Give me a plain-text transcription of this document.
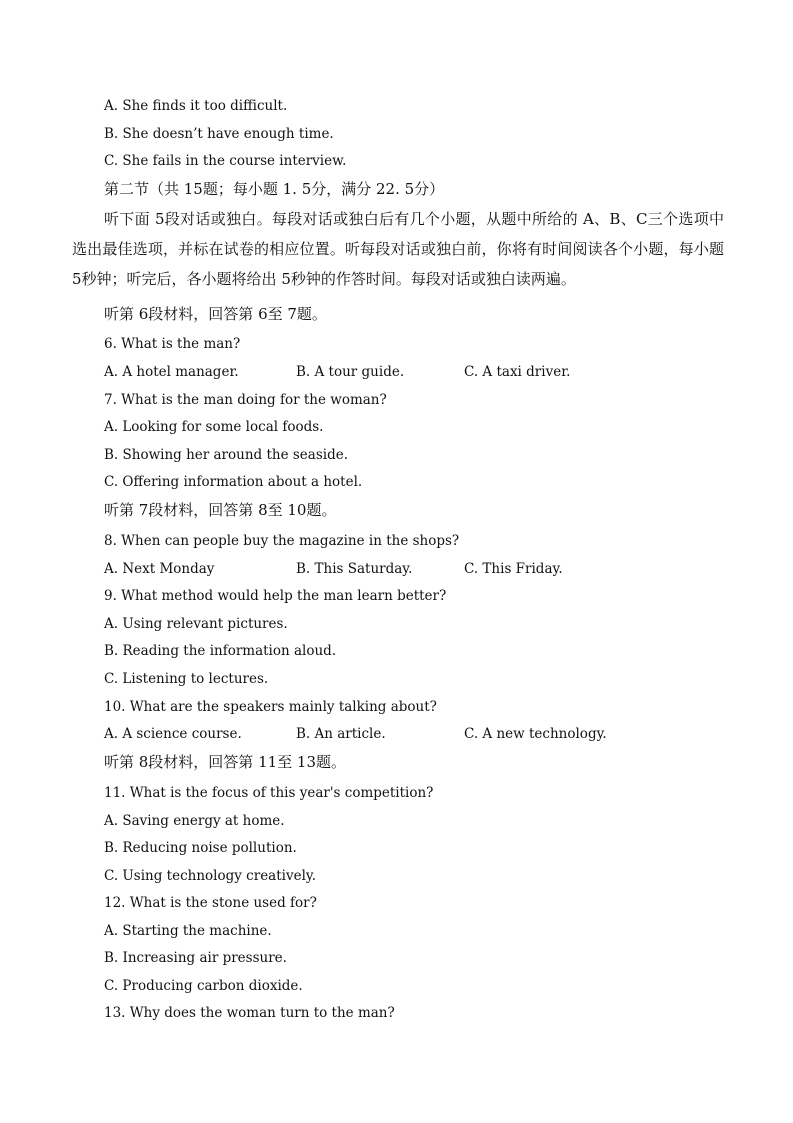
A. She finds it too difficult.
B. She doesn’t have enough time.
C. She fails in the course interview.
第二节（共 15题；每小题 1. 5分，满分 22. 5分）
听下面 5段对话或独白。每段对话或独白后有几个小题，从题中所给的 A、B、C三个选项中选出最佳选项，并标在试卷的相应位置。听每段对话或独白前，你将有时间阅读各个小题，每小题 5秒钟；听完后，各小题将给出 5秒钟的作答时间。每段对话或独白读两遍。
听第 6段材料，回答第 6至 7题。
6. What is the man?
A. A hotel manager.	B. A tour guide.	C. A taxi driver.
7. What is the man doing for the woman?
A. Looking for some local foods.
B. Showing her around the seaside.
C. Offering information about a hotel.
听第 7段材料，回答第 8至 10题。
8. When can people buy the magazine in the shops?
A. Next Monday	B. This Saturday.	C. This Friday.
9. What method would help the man learn better?
A. Using relevant pictures.
B. Reading the information aloud.
C. Listening to lectures.
10. What are the speakers mainly talking about?
A. A science course.	B. An article.	C. A new technology.
听第 8段材料，回答第 11至 13题。
11. What is the focus of this year's competition?
A. Saving energy at home.
B. Reducing noise pollution.
C. Using technology creatively.
12. What is the stone used for?
A. Starting the machine.
B. Increasing air pressure.
C. Producing carbon dioxide.
13. Why does the woman turn to the man?
